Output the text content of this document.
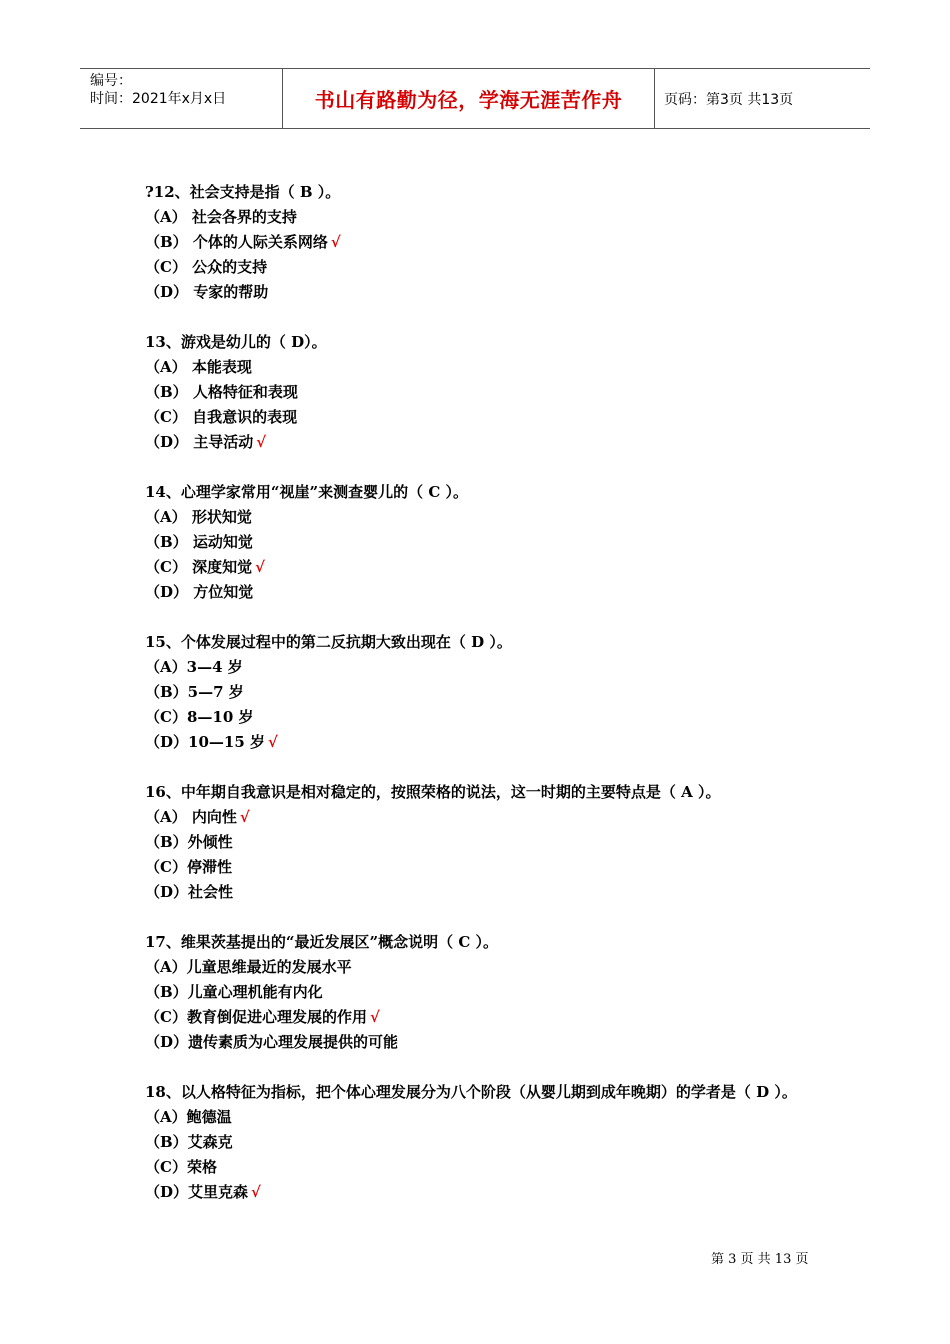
编号：
时间：2021年x月x日	书山有路勤为径，学海无涯苦作舟	页码：第3页 共13页
?12、社会支持是指（ B ）。
（A） 社会各界的支持
（B） 个体的人际关系网络 √
（C） 公众的支持
（D） 专家的帮助
13、游戏是幼儿的（ D）。
（A） 本能表现
（B） 人格特征和表现
（C） 自我意识的表现
（D） 主导活动 √
14、心理学家常用“视崖”来测查婴儿的（ C ）。
（A） 形状知觉
（B） 运动知觉
（C） 深度知觉 √
（D） 方位知觉
15、个体发展过程中的第二反抗期大致出现在（ D ）。
（A）3—4 岁
（B）5—7 岁
（C）8—10 岁
（D）10—15 岁 √
16、中年期自我意识是相对稳定的，按照荣格的说法，这一时期的主要特点是（ A ）。
（A） 内向性 √
（B）外倾性
（C）停滞性
（D）社会性
17、维果茨基提出的“最近发展区”概念说明（ C ）。
（A）儿童思维最近的发展水平
（B）儿童心理机能有内化
（C）教育倒促进心理发展的作用 √
（D）遗传素质为心理发展提供的可能
18、以人格特征为指标，把个体心理发展分为八个阶段（从婴儿期到成年晚期）的学者是（ D ）。
（A）鲍德温
（B）艾森克
（C）荣格
（D）艾里克森 √
第 3 页 共 13 页
